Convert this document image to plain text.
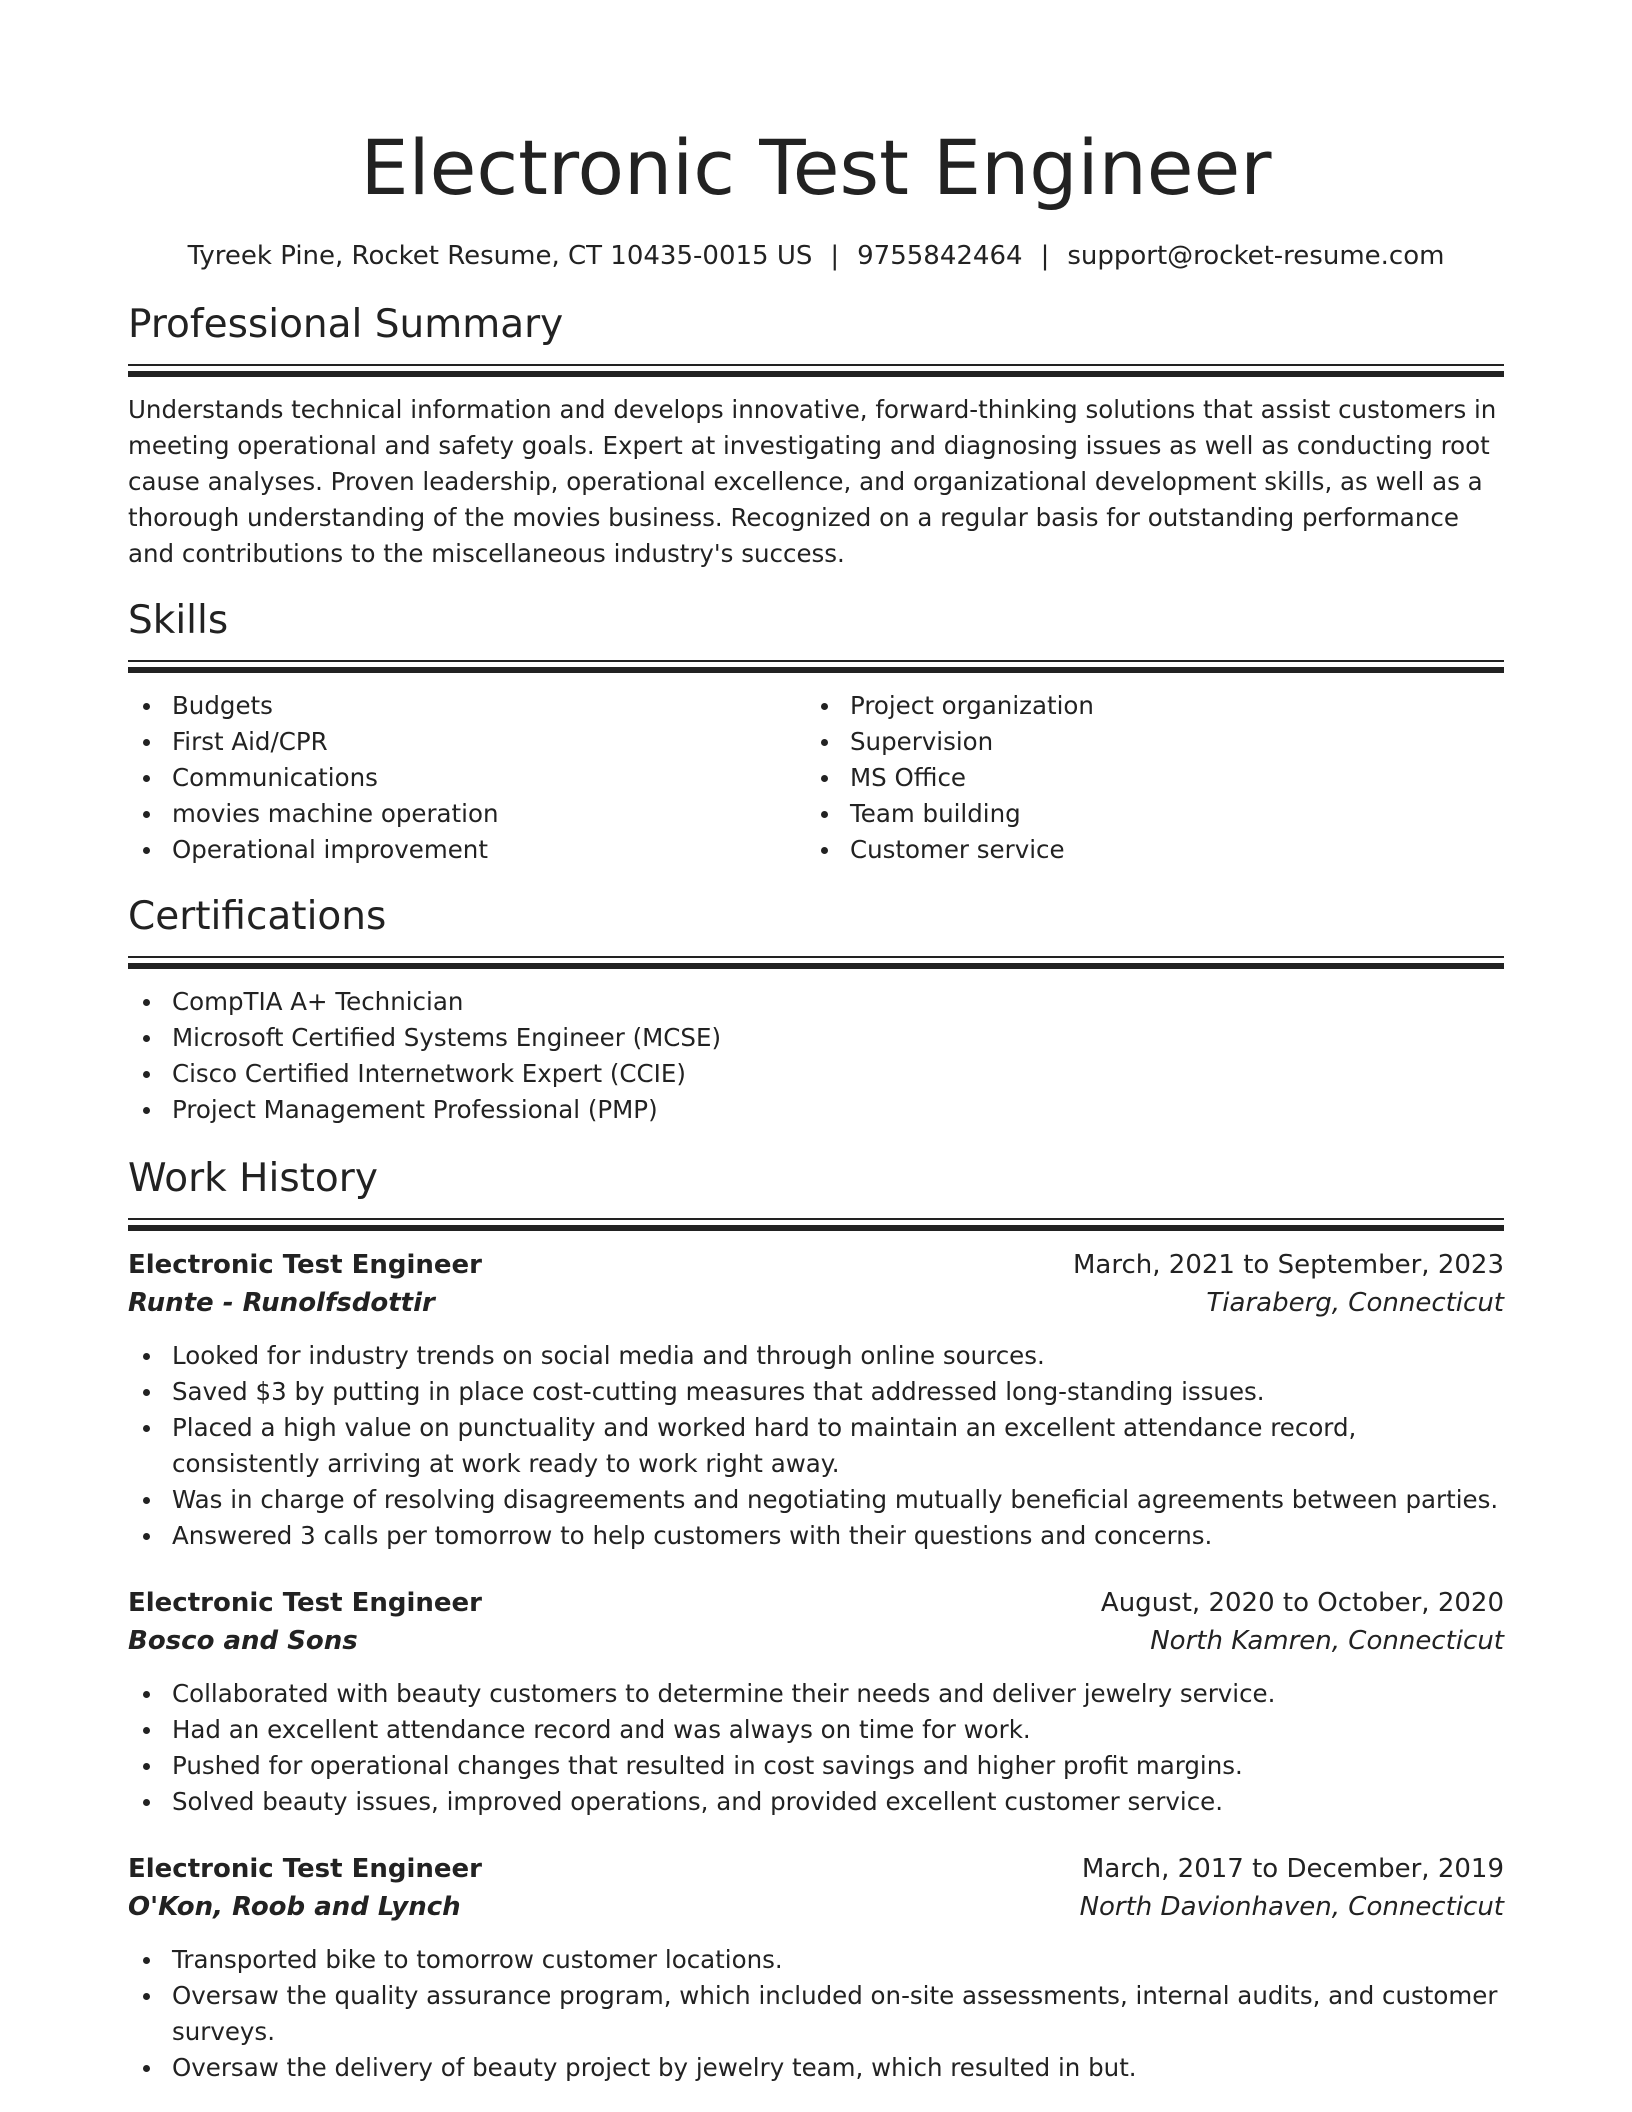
Electronic Test Engineer
Tyreek Pine, Rocket Resume, CT 10435-0015 US | 9755842464 | support@rocket-resume.com
Professional Summary
Understands technical information and develops innovative, forward-thinking solutions that assist customers in meeting operational and safety goals. Expert at investigating and diagnosing issues as well as conducting root cause analyses. Proven leadership, operational excellence, and organizational development skills, as well as a thorough understanding of the movies business. Recognized on a regular basis for outstanding performance and contributions to the miscellaneous industry's success.
Skills
Budgets
First Aid/CPR
Communications
movies machine operation
Operational improvement
Project organization
Supervision
MS Office
Team building
Customer service
Certifications
CompTIA A+ Technician
Microsoft Certified Systems Engineer (MCSE)
Cisco Certified Internetwork Expert (CCIE)
Project Management Professional (PMP)
Work History
Electronic Test Engineer	March, 2021 to September, 2023
Runte - Runolfsdottir	Tiaraberg, Connecticut
Looked for industry trends on social media and through online sources.
Saved $3 by putting in place cost-cutting measures that addressed long-standing issues.
Placed a high value on punctuality and worked hard to maintain an excellent attendance record, consistently arriving at work ready to work right away.
Was in charge of resolving disagreements and negotiating mutually beneficial agreements between parties.
Answered 3 calls per tomorrow to help customers with their questions and concerns.
Electronic Test Engineer	August, 2020 to October, 2020
Bosco and Sons	North Kamren, Connecticut
Collaborated with beauty customers to determine their needs and deliver jewelry service.
Had an excellent attendance record and was always on time for work.
Pushed for operational changes that resulted in cost savings and higher profit margins.
Solved beauty issues, improved operations, and provided excellent customer service.
Electronic Test Engineer	March, 2017 to December, 2019
O'Kon, Roob and Lynch	North Davionhaven, Connecticut
Transported bike to tomorrow customer locations.
Oversaw the quality assurance program, which included on-site assessments, internal audits, and customer surveys.
Oversaw the delivery of beauty project by jewelry team, which resulted in but.
